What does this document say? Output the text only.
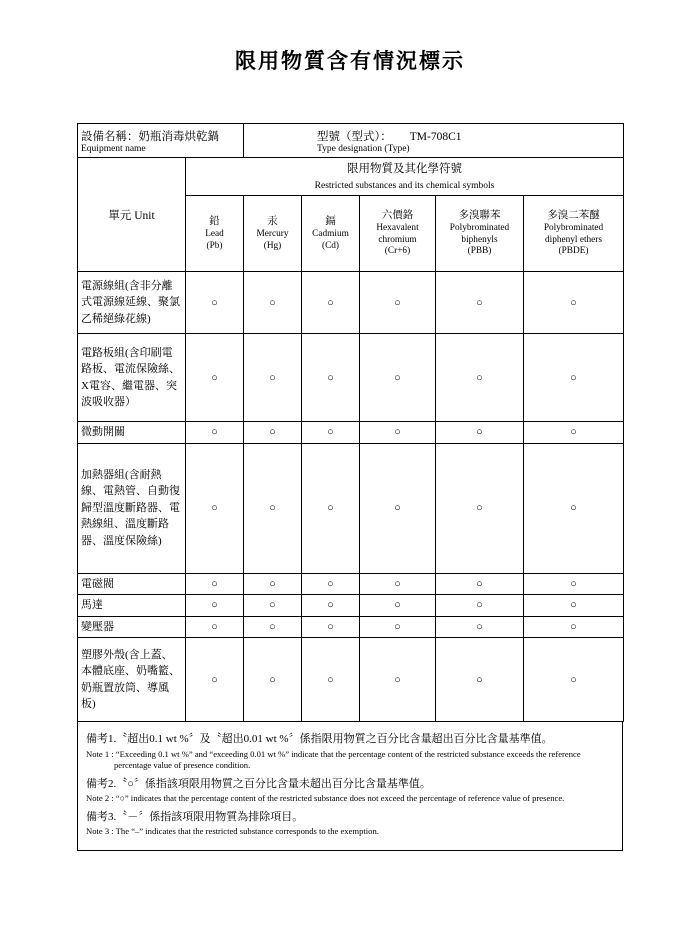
限用物質含有情況標示
設備名稱：奶瓶消毒烘乾鍋
Equipment name

型號（型式）： TM-708C1
Type designation (Type)

單元 Unit	限用物質及其化學符號
Restricted substances and its chemical symbols					

	鉛
Lead
(Pb)	汞
Mercury
(Hg)	鎘
Cadmium
(Cd)	六價鉻
Hexavalent chromium
(Cr+6)	多溴聯苯
Polybrominated biphenyls
(PBB)	多溴二苯醚
Polybrominated diphenyl ethers
(PBDE)

電源線組(含非分離式電源線延線、聚氯乙稀絕綠花線)	○	○	○	○	○	○
電路板組(含印刷電路板、電流保險絲、X電容、繼電器、突波吸收器）	○	○	○	○	○	○
微動開關	○	○	○	○	○	○
加熱器組(含耐熱線、電熱管、自動復歸型溫度斷路器、電熱線組、溫度斷路器、溫度保險絲)	○	○	○	○	○	○
電磁閥	○	○	○	○	○	○
馬達	○	○	○	○	○	○
變壓器	○	○	○	○	○	○
塑膠外殼(含上蓋、本體底座、奶嘴籃、奶瓶置放筒、導風板)	○	○	○	○	○	○
備考1.〝超出0.1 wt %〞及〝超出0.01 wt %〞係指限用物質之百分比含量超出百分比含量基準值。
Note 1 : “Exceeding 0.1 wt %” and “exceeding 0.01 wt %” indicate that the percentage content of the restricted substance exceeds the reference
percentage value of presence condition.
備考2.〝○〞係指該項限用物質之百分比含量未超出百分比含量基準值。
Note 2 : “○” indicates that the percentage content of the restricted substance does not exceed the percentage of reference value of presence.
備考3.〝－〞係指該項限用物質為排除項目。
Note 3 : The “–” indicates that the restricted substance corresponds to the exemption.
